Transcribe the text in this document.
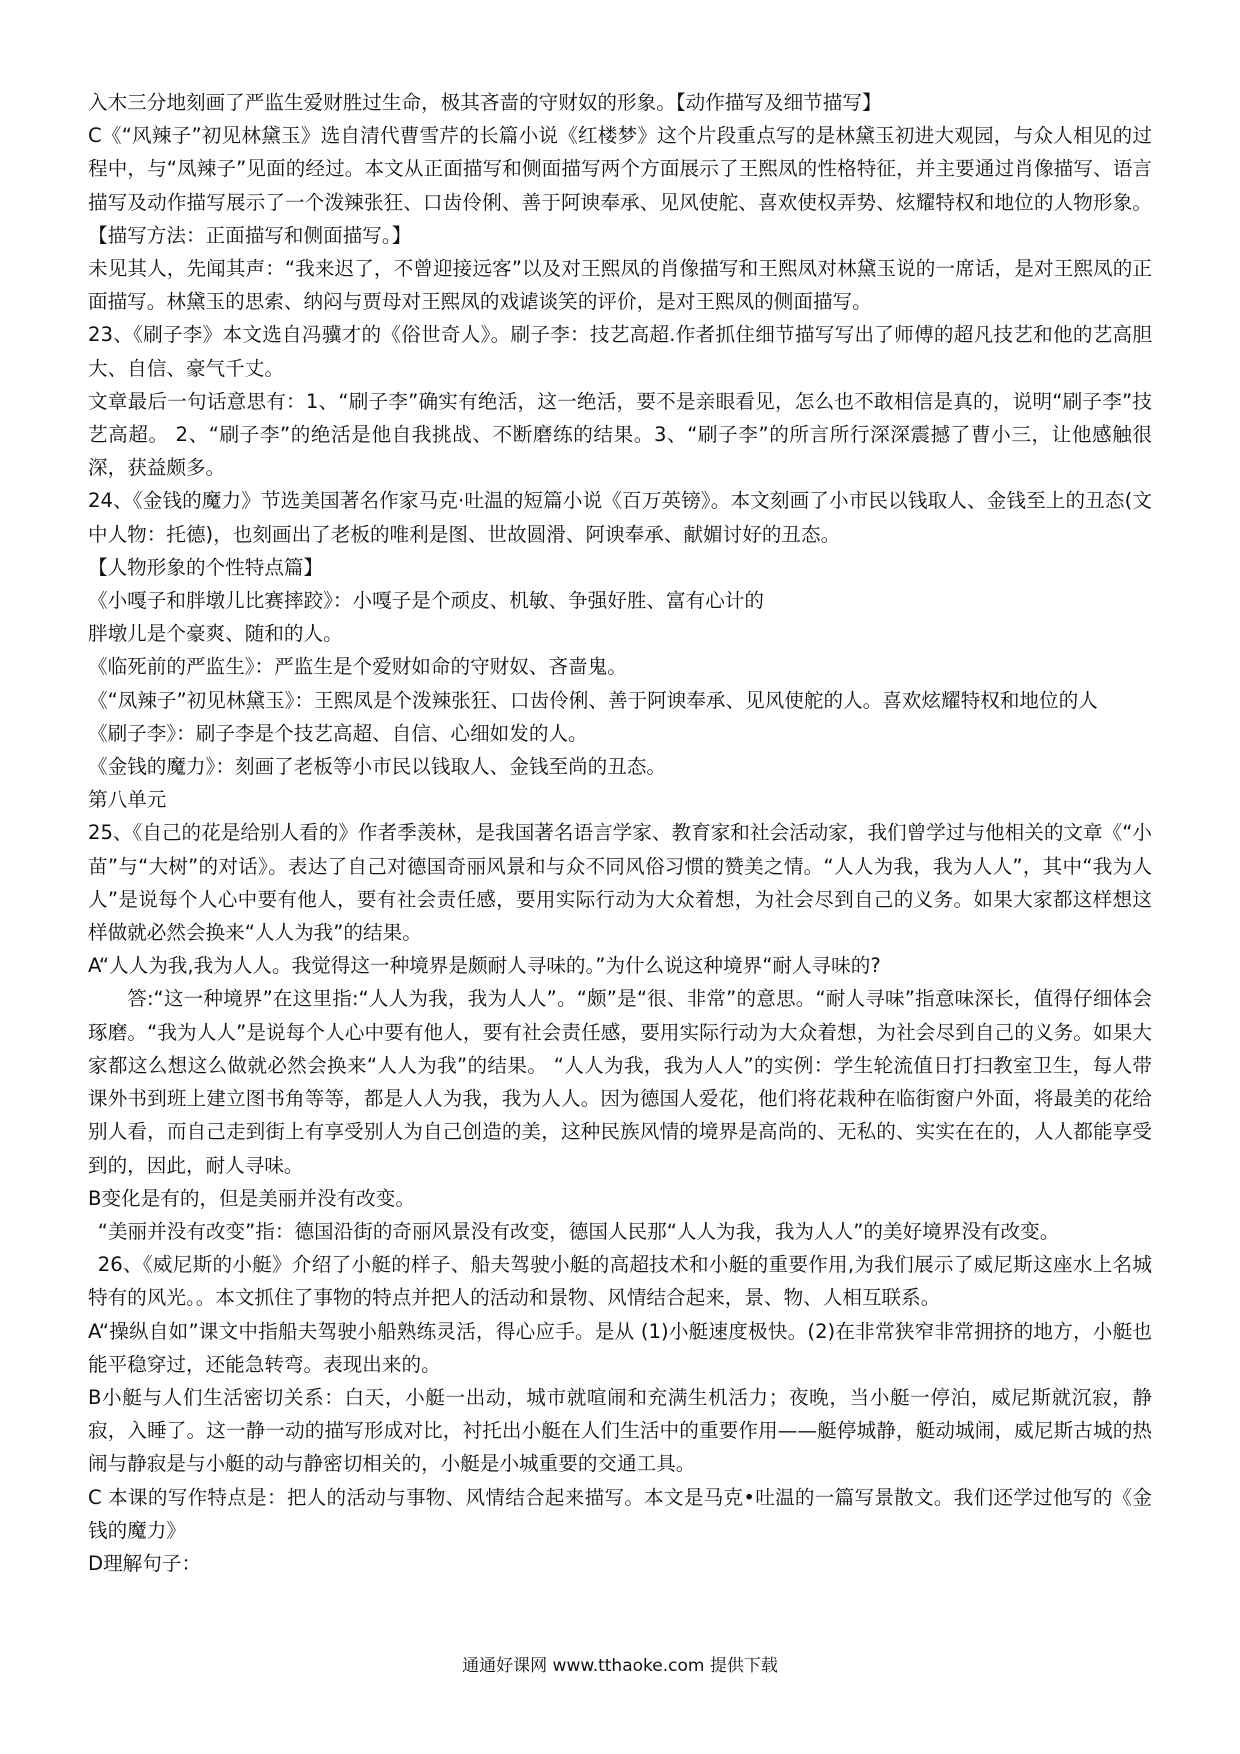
入木三分地刻画了严监生爱财胜过生命，极其吝啬的守财奴的形象。【动作描写及细节描写】

C《“风辣子”初见林黛玉》选自清代曹雪芹的长篇小说《红楼梦》这个片段重点写的是林黛玉初进大观园，与众人相见的过程中，与“凤辣子”见面的经过。本文从正面描写和侧面描写两个方面展示了王熙凤的性格特征，并主要通过肖像描写、语言描写及动作描写展示了一个泼辣张狂、口齿伶俐、善于阿谀奉承、见风使舵、喜欢使权弄势、炫耀特权和地位的人物形象。【描写方法：正面描写和侧面描写。】

未见其人，先闻其声：“我来迟了，不曾迎接远客”以及对王熙凤的肖像描写和王熙凤对林黛玉说的一席话，是对王熙凤的正面描写。林黛玉的思索、纳闷与贾母对王熙凤的戏谑谈笑的评价，是对王熙凤的侧面描写。

23、《刷子李》本文选自冯骥才的《俗世奇人》。刷子李：技艺高超.作者抓住细节描写写出了师傅的超凡技艺和他的艺高胆大、自信、豪气千丈。

文章最后一句话意思有：1、“刷子李”确实有绝活，这一绝活，要不是亲眼看见，怎么也不敢相信是真的，说明“刷子李”技艺高超。 2、“刷子李”的绝活是他自我挑战、不断磨练的结果。3、“刷子李”的所言所行深深震撼了曹小三，让他感触很深，获益颇多。

24、《金钱的魔力》节选美国著名作家马克·吐温的短篇小说《百万英镑》。本文刻画了小市民以钱取人、金钱至上的丑态(文中人物：托德)，也刻画出了老板的唯利是图、世故圆滑、阿谀奉承、献媚讨好的丑态。

【人物形象的个性特点篇】

《小嘎子和胖墩儿比赛摔跤》：小嘎子是个顽皮、机敏、争强好胜、富有心计的

胖墩儿是个豪爽、随和的人。

《临死前的严监生》：严监生是个爱财如命的守财奴、吝啬鬼。

《“凤辣子”初见林黛玉》：王熙凤是个泼辣张狂、口齿伶俐、善于阿谀奉承、见风使舵的人。喜欢炫耀特权和地位的人

《刷子李》：刷子李是个技艺高超、自信、心细如发的人。

《金钱的魔力》：刻画了老板等小市民以钱取人、金钱至尚的丑态。

第八单元

25、《自己的花是给别人看的》作者季羡林，是我国著名语言学家、教育家和社会活动家，我们曾学过与他相关的文章《“小苗”与“大树”的对话》。表达了自己对德国奇丽风景和与众不同风俗习惯的赞美之情。“人人为我，我为人人”，其中“我为人人”是说每个人心中要有他人，要有社会责任感，要用实际行动为大众着想，为社会尽到自己的义务。如果大家都这样想这样做就必然会换来“人人为我”的结果。

A“人人为我,我为人人。我觉得这一种境界是颇耐人寻味的。”为什么说这种境界“耐人寻味的?

答:“这一种境界”在这里指:“人人为我，我为人人”。“颇”是“很、非常”的意思。“耐人寻味”指意味深长，值得仔细体会琢磨。“我为人人”是说每个人心中要有他人，要有社会责任感，要用实际行动为大众着想，为社会尽到自己的义务。如果大家都这么想这么做就必然会换来“人人为我”的结果。 “人人为我，我为人人”的实例：学生轮流值日打扫教室卫生，每人带课外书到班上建立图书角等等，都是人人为我，我为人人。因为德国人爱花，他们将花栽种在临街窗户外面，将最美的花给别人看，而自己走到街上有享受别人为自己创造的美，这种民族风情的境界是高尚的、无私的、实实在在的，人人都能享受到的，因此，耐人寻味。

B变化是有的，但是美丽并没有改变。

“美丽并没有改变”指：德国沿街的奇丽风景没有改变，德国人民那“人人为我，我为人人”的美好境界没有改变。

26、《威尼斯的小艇》介绍了小艇的样子、船夫驾驶小艇的高超技术和小艇的重要作用,为我们展示了威尼斯这座水上名城特有的风光。。本文抓住了事物的特点并把人的活动和景物、风情结合起来，景、物、人相互联系。

A“操纵自如”课文中指船夫驾驶小船熟练灵活，得心应手。是从 (1)小艇速度极快。(2)在非常狭窄非常拥挤的地方，小艇也能平稳穿过，还能急转弯。表现出来的。

B小艇与人们生活密切关系：白天，小艇一出动，城市就喧闹和充满生机活力；夜晚，当小艇一停泊，威尼斯就沉寂，静寂，入睡了。这一静一动的描写形成对比，衬托出小艇在人们生活中的重要作用——艇停城静，艇动城闹，威尼斯古城的热闹与静寂是与小艇的动与静密切相关的，小艇是小城重要的交通工具。

C 本课的写作特点是：把人的活动与事物、风情结合起来描写。本文是马克•吐温的一篇写景散文。我们还学过他写的《金钱的魔力》

D理解句子：

通通好课网 www.tthaoke.com 提供下载
